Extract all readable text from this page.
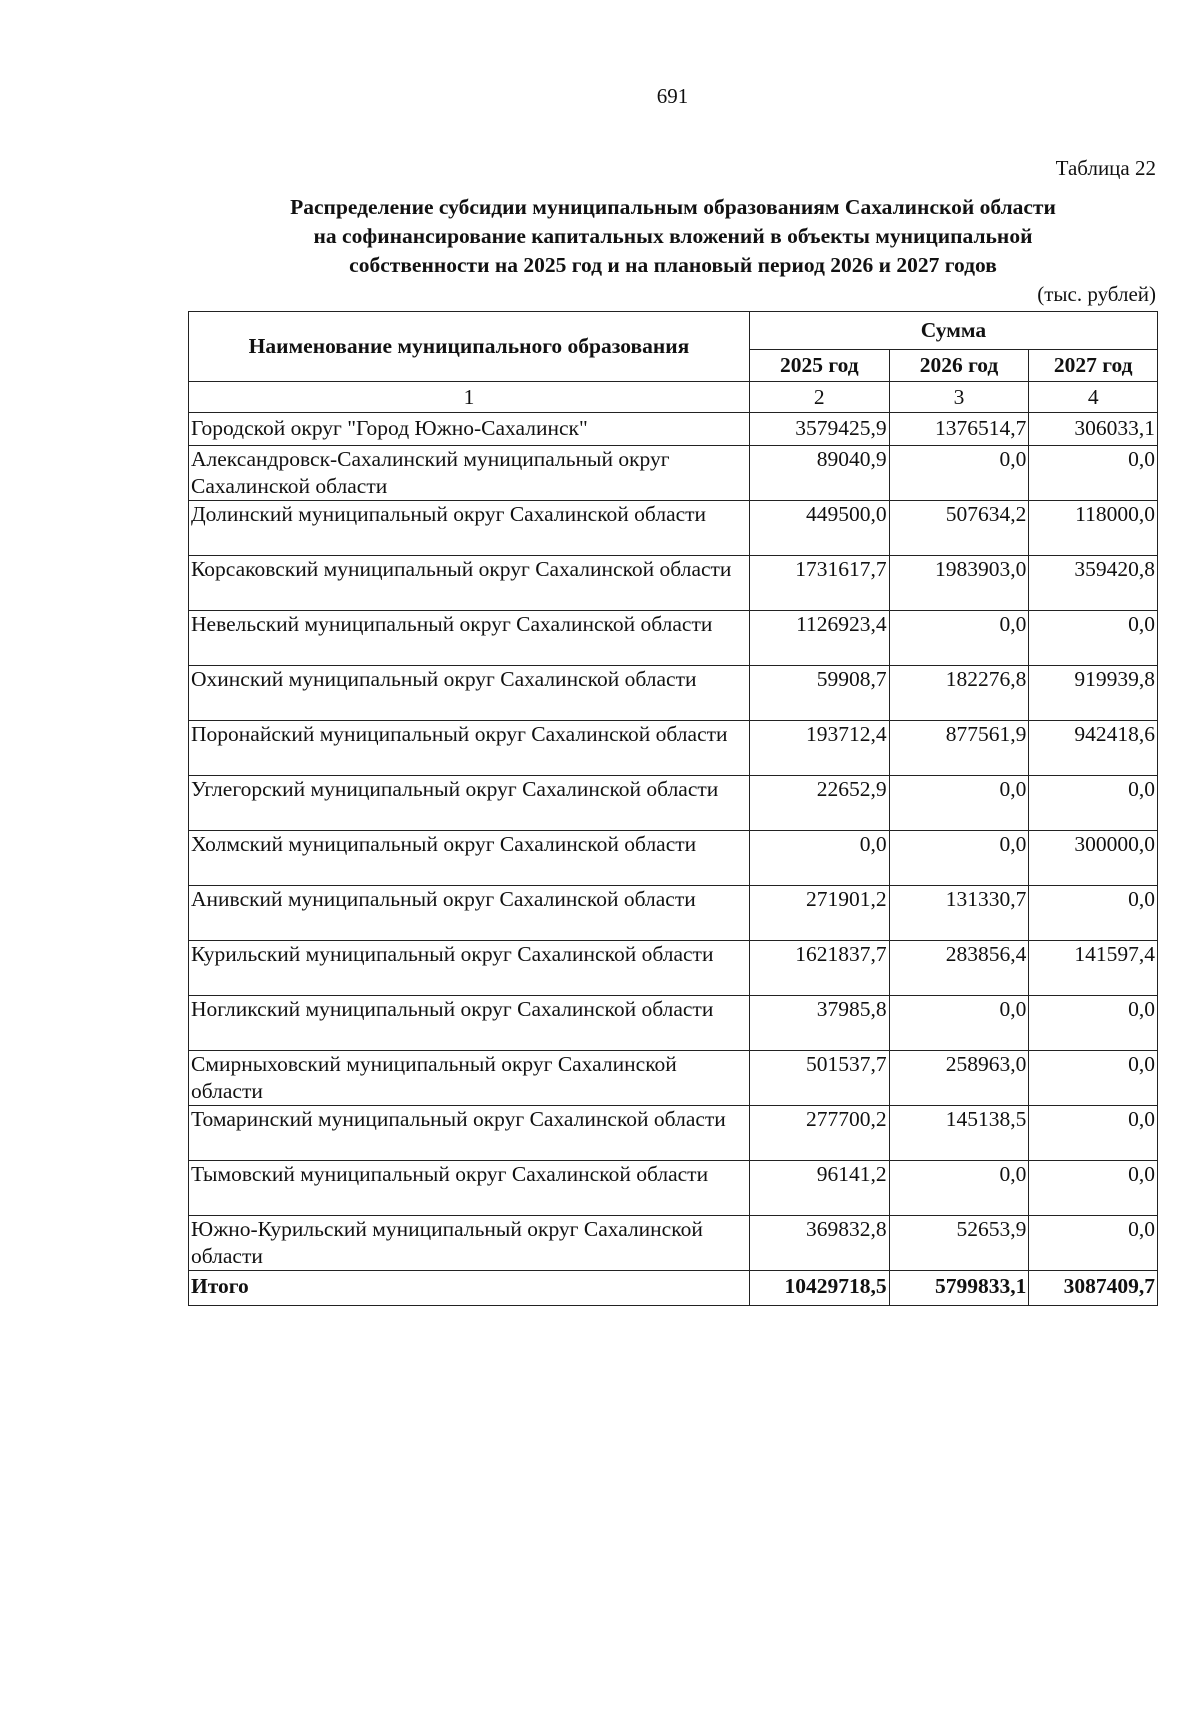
691
Таблица 22
Распределение субсидии муниципальным образованиям Сахалинской области
на софинансирование капитальных вложений в объекты муниципальной
собственности на 2025 год и на плановый период 2026 и 2027 годов
(тыс. рублей)
Наименование муниципального образования	Сумма		
	2025 год	2026 год	2027 год
1	2	3	4
Городской округ "Город Южно-Сахалинск"	3579425,9	1376514,7	306033,1
Александровск-Сахалинский муниципальный округ Сахалинской области	89040,9	0,0	0,0
Долинский муниципальный округ Сахалинской области	449500,0	507634,2	118000,0
Корсаковский муниципальный округ Сахалинской области	1731617,7	1983903,0	359420,8
Невельский муниципальный округ Сахалинской области	1126923,4	0,0	0,0
Охинский муниципальный округ Сахалинской области	59908,7	182276,8	919939,8
Поронайский муниципальный округ Сахалинской области	193712,4	877561,9	942418,6
Углегорский муниципальный округ Сахалинской области	22652,9	0,0	0,0
Холмский муниципальный округ Сахалинской области	0,0	0,0	300000,0
Анивский муниципальный округ Сахалинской области	271901,2	131330,7	0,0
Курильский муниципальный округ Сахалинской области	1621837,7	283856,4	141597,4
Ногликский муниципальный округ Сахалинской области	37985,8	0,0	0,0
Смирныховский муниципальный округ Сахалинской области	501537,7	258963,0	0,0
Томаринский муниципальный округ Сахалинской области	277700,2	145138,5	0,0
Тымовский муниципальный округ Сахалинской области	96141,2	0,0	0,0
Южно-Курильский муниципальный округ Сахалинской области	369832,8	52653,9	0,0
Итого	10429718,5	5799833,1	3087409,7
